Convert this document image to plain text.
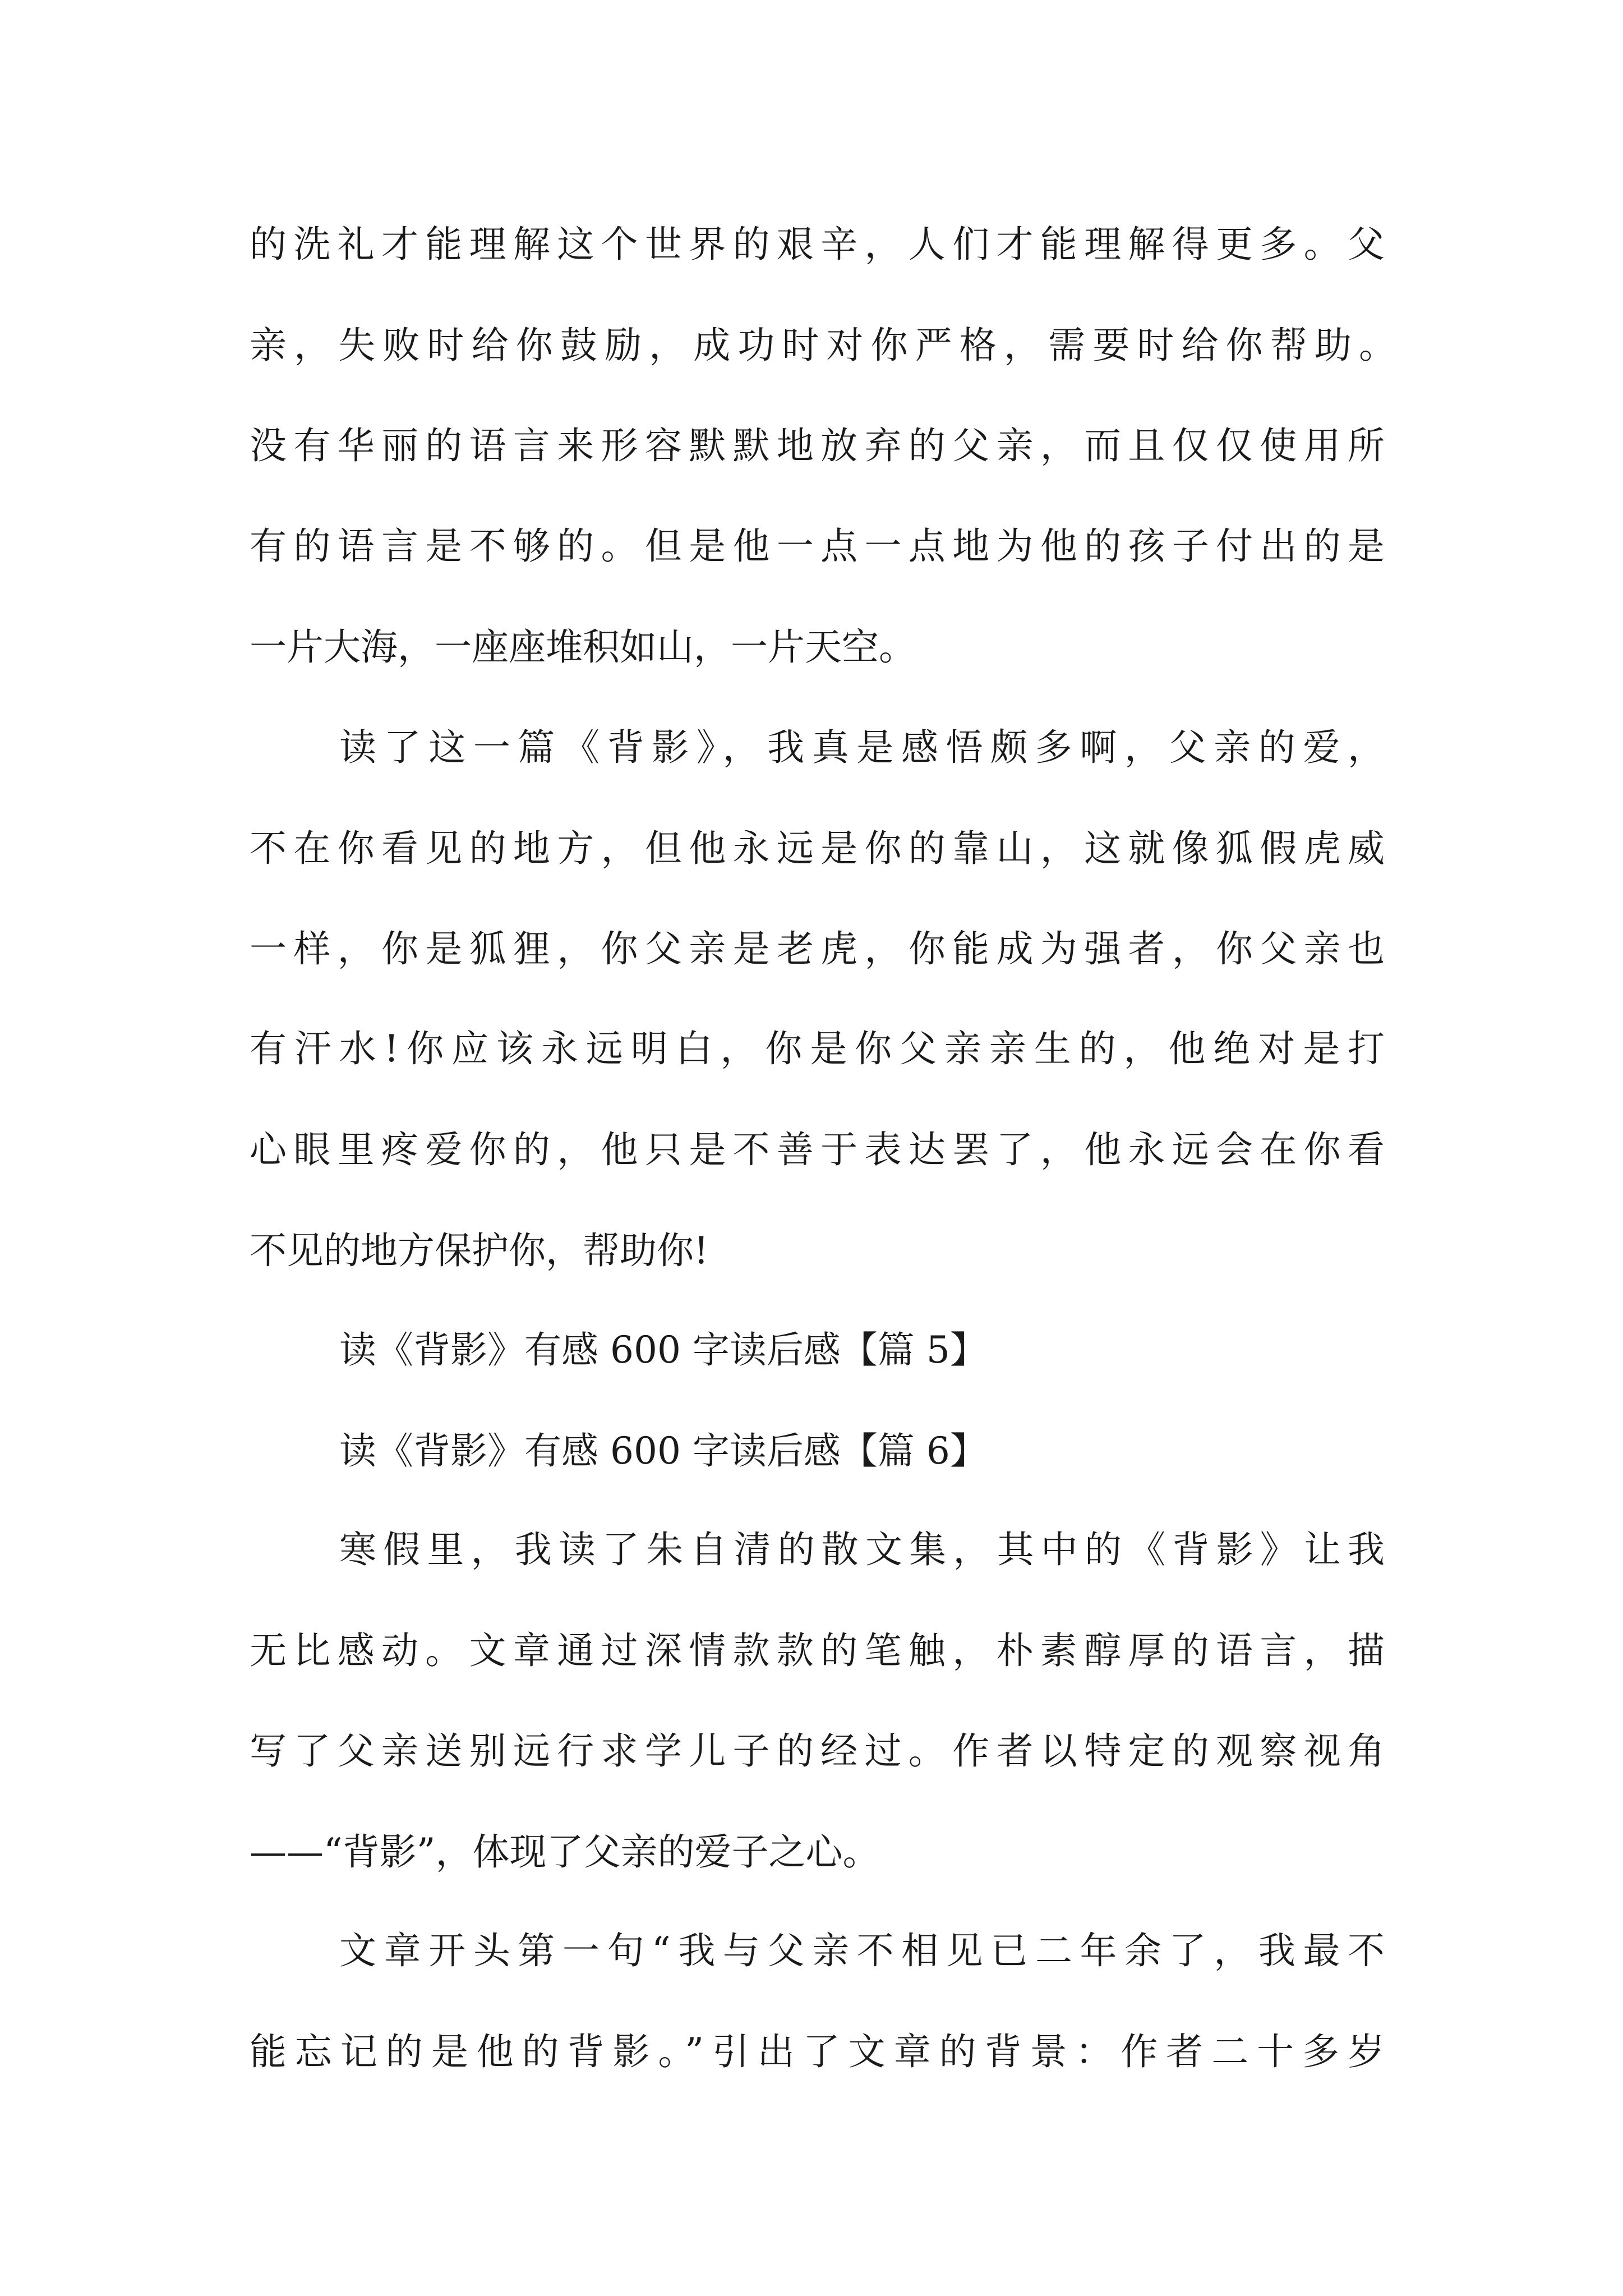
的洗礼才能理解这个世界的艰辛，人们才能理解得更多。父
亲，失败时给你鼓励，成功时对你严格，需要时给你帮助。
没有华丽的语言来形容默默地放弃的父亲，而且仅仅使用所
有的语言是不够的。但是他一点一点地为他的孩子付出的是
一片大海，一座座堆积如山，一片天空。
读了这一篇《背影》，我真是感悟颇多啊，父亲的爱，
不在你看见的地方，但他永远是你的靠山，这就像狐假虎威
一样，你是狐狸，你父亲是老虎，你能成为强者，你父亲也
有汗水!你应该永远明白，你是你父亲亲生的，他绝对是打
心眼里疼爱你的，他只是不善于表达罢了，他永远会在你看
不见的地方保护你，帮助你!
读《背影》有感 600 字读后感【篇 5】
读《背影》有感 600 字读后感【篇 6】
寒假里，我读了朱自清的散文集，其中的《背影》让我
无比感动。文章通过深情款款的笔触，朴素醇厚的语言，描
写了父亲送别远行求学儿子的经过。作者以特定的观察视角
——“背影”，体现了父亲的爱子之心。
文章开头第一句“我与父亲不相见已二年余了，我最不
能忘记的是他的背影。”引出了文章的背景：作者二十多岁
